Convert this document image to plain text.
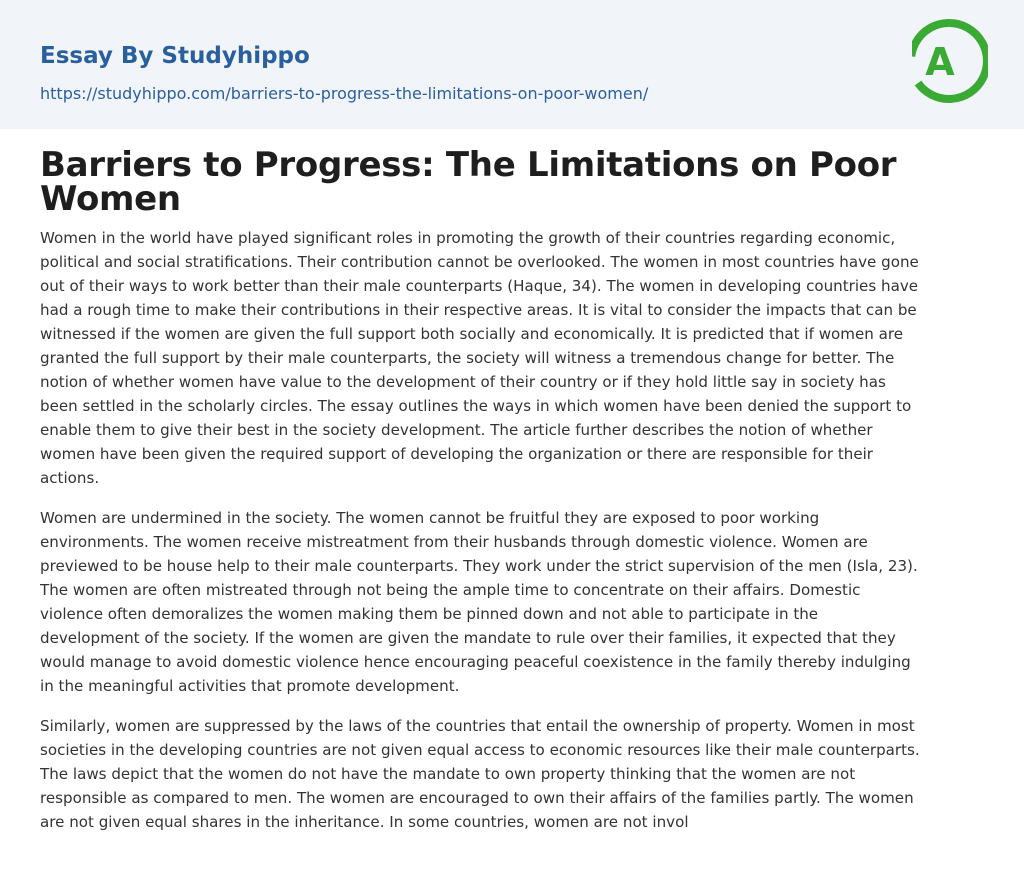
Essay By Studyhippo
https://studyhippo.com/barriers-to-progress-the-limitations-on-poor-women/
A
Barriers to Progress: The Limitations on Poor
Women

Women in the world have played significant roles in promoting the growth of their countries regarding economic,
political and social stratifications. Their contribution cannot be overlooked. The women in most countries have gone
out of their ways to work better than their male counterparts (Haque, 34). The women in developing countries have
had a rough time to make their contributions in their respective areas. It is vital to consider the impacts that can be
witnessed if the women are given the full support both socially and economically. It is predicted that if women are
granted the full support by their male counterparts, the society will witness a tremendous change for better. The
notion of whether women have value to the development of their country or if they hold little say in society has
been settled in the scholarly circles. The essay outlines the ways in which women have been denied the support to
enable them to give their best in the society development. The article further describes the notion of whether
women have been given the required support of developing the organization or there are responsible for their
actions.

Women are undermined in the society. The women cannot be fruitful they are exposed to poor working
environments. The women receive mistreatment from their husbands through domestic violence. Women are
previewed to be house help to their male counterparts. They work under the strict supervision of the men (Isla, 23).
The women are often mistreated through not being the ample time to concentrate on their affairs. Domestic
violence often demoralizes the women making them be pinned down and not able to participate in the
development of the society. If the women are given the mandate to rule over their families, it expected that they
would manage to avoid domestic violence hence encouraging peaceful coexistence in the family thereby indulging
in the meaningful activities that promote development.

Similarly, women are suppressed by the laws of the countries that entail the ownership of property. Women in most
societies in the developing countries are not given equal access to economic resources like their male counterparts.
The laws depict that the women do not have the mandate to own property thinking that the women are not
responsible as compared to men. The women are encouraged to own their affairs of the families partly. The women
are not given equal shares in the inheritance. In some countries, women are not invol
